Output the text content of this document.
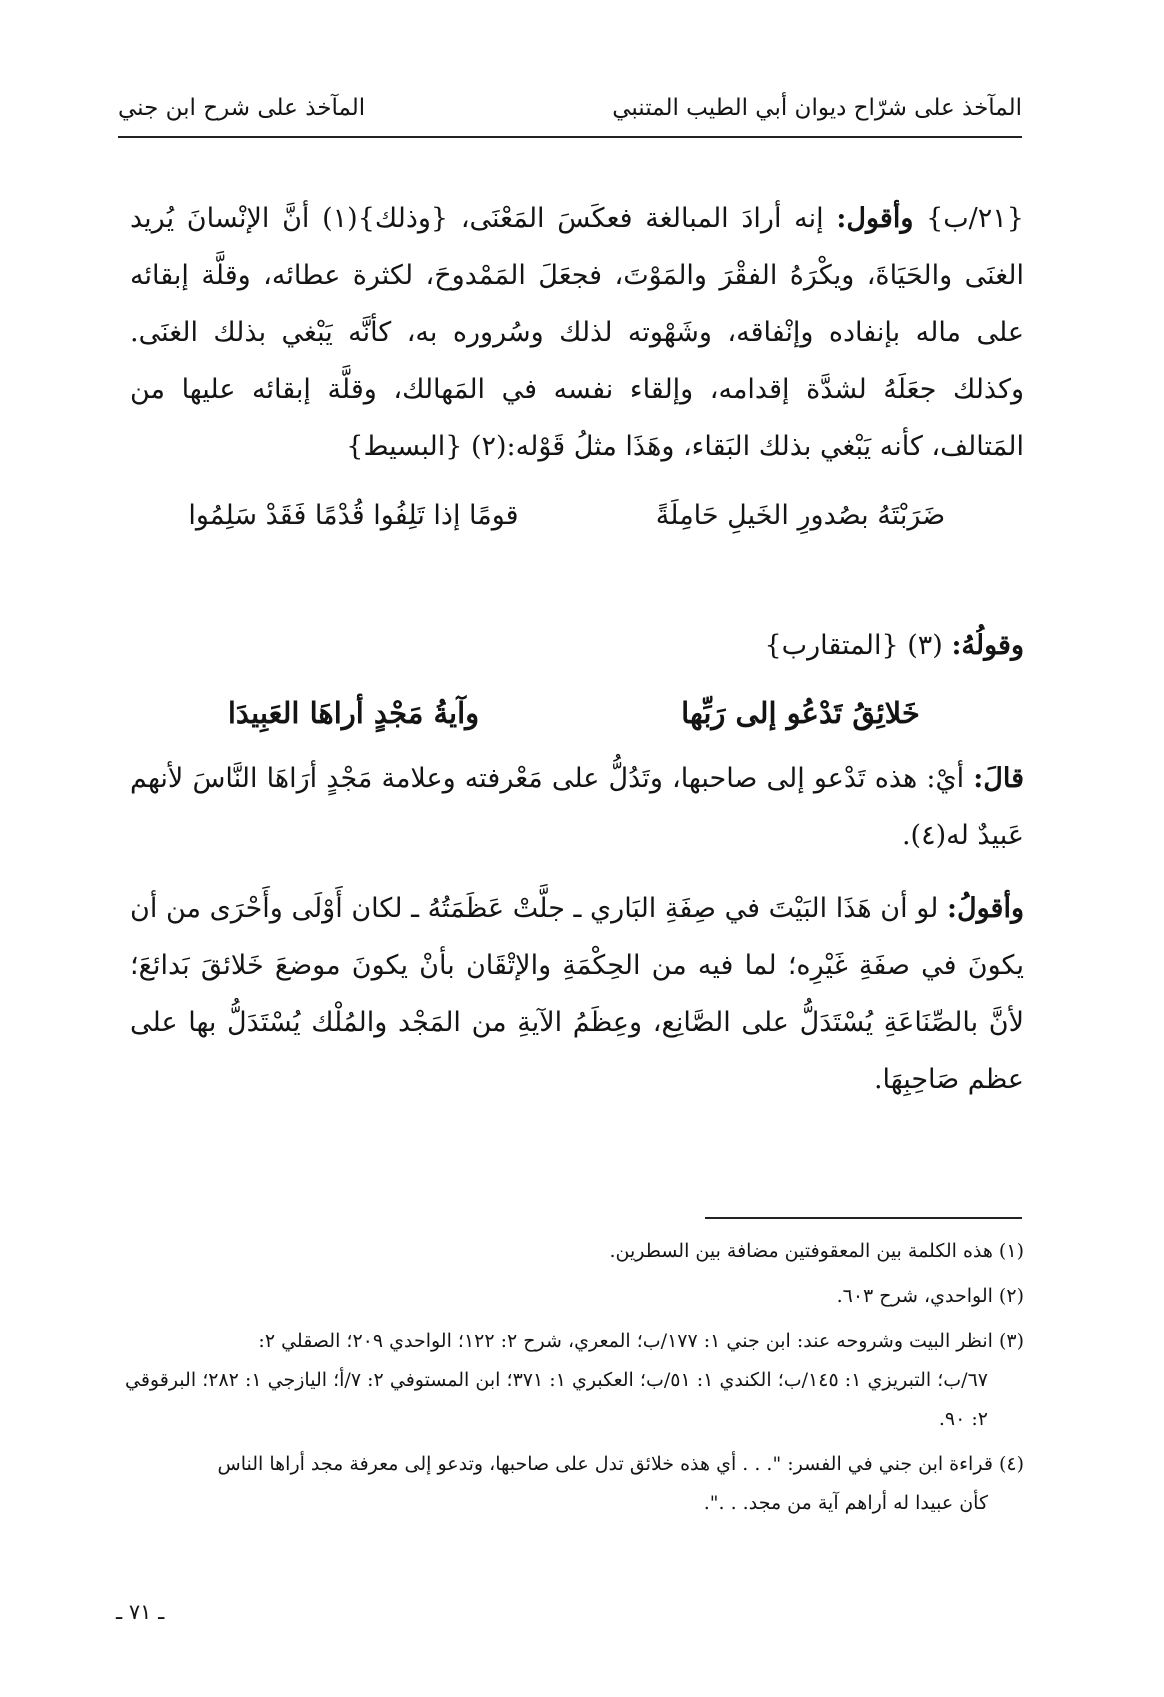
المآخذ على شرّاح ديوان أبي الطيب المتنبي
المآخذ على شرح ابن جني
{٢١/ب} وأقول: إنه أرادَ المبالغة فعكَسَ المَعْنَى، {وذلك}(١) أنَّ الإنْسانَ يُريد الغنَى والحَيَاةَ، ويكْرَهُ الفقْرَ والمَوْتَ، فجعَلَ المَمْدوحَ، لكثرة عطائه، وقلَّة إبقائه على ماله بإنفاده وإنْفاقه، وشَهْوته لذلك وسُروره به، كأنَّه يَبْغي بذلك الغنَى. وكذلك جعَلَهُ لشدَّة إقدامه، وإلقاء نفسه في المَهالك، وقلَّة إبقائه عليها من المَتالف، كأنه يَبْغي بذلك البَقاء، وهَذَا مثلُ قَوْله:(٢) {البسيط}
ضَرَبْتَهُ بصُدورِ الخَيلِ حَامِلَةً
قومًا إذا تَلِفُوا قُدْمًا فَقَدْ سَلِمُوا
وقولُهُ: (٣) {المتقارب}
خَلائِقُ تَدْعُو إلى رَبِّها
وآيةُ مَجْدٍ أراهَا العَبِيدَا
قالَ: أيْ: هذه تَدْعو إلى صاحبها، وتَدُلُّ على مَعْرفته وعلامة مَجْدٍ أرَاهَا النَّاسَ لأنهم عَبيدٌ له(٤).
وأقولُ: لو أن هَذَا البَيْتَ في صِفَةِ البَاري ـ جلَّتْ عَظَمَتُهُ ـ لكان أَوْلَى وأَحْرَى من أن يكونَ في صفَةِ غَيْرِه؛ لما فيه من الحِكْمَةِ والإتْقَان بأنْ يكونَ موضعَ خَلائقَ بَدائعَ؛ لأنَّ بالصِّنَاعَةِ يُسْتَدَلُّ على الصَّانِع، وعِظَمُ الآيةِ من المَجْد والمُلْك يُسْتَدَلُّ بها على عظم صَاحِبِهَا.
(١) هذه الكلمة بين المعقوفتين مضافة بين السطرين.
(٢) الواحدي، شرح ٦٠٣.
(٣) انظر البيت وشروحه عند: ابن جني ١: ١٧٧/ب؛ المعري، شرح ٢: ١٢٢؛ الواحدي ٢٠٩؛ الصقلي ٢:
٦٧/ب؛ التبريزي ١: ١٤٥/ب؛ الكندي ١: ٥١/ب؛ العكبري ١: ٣٧١؛ ابن المستوفي ٢: ٧/أ؛ اليازجي ١: ٢٨٢؛ البرقوقي ٢: ٩٠.
(٤) قراءة ابن جني في الفسر: ". . . أي هذه خلائق تدل على صاحبها، وتدعو إلى معرفة مجد أراها الناس
كأن عبيدا له أراهم آية من مجد. . .".
ـ ٧١ ـ
